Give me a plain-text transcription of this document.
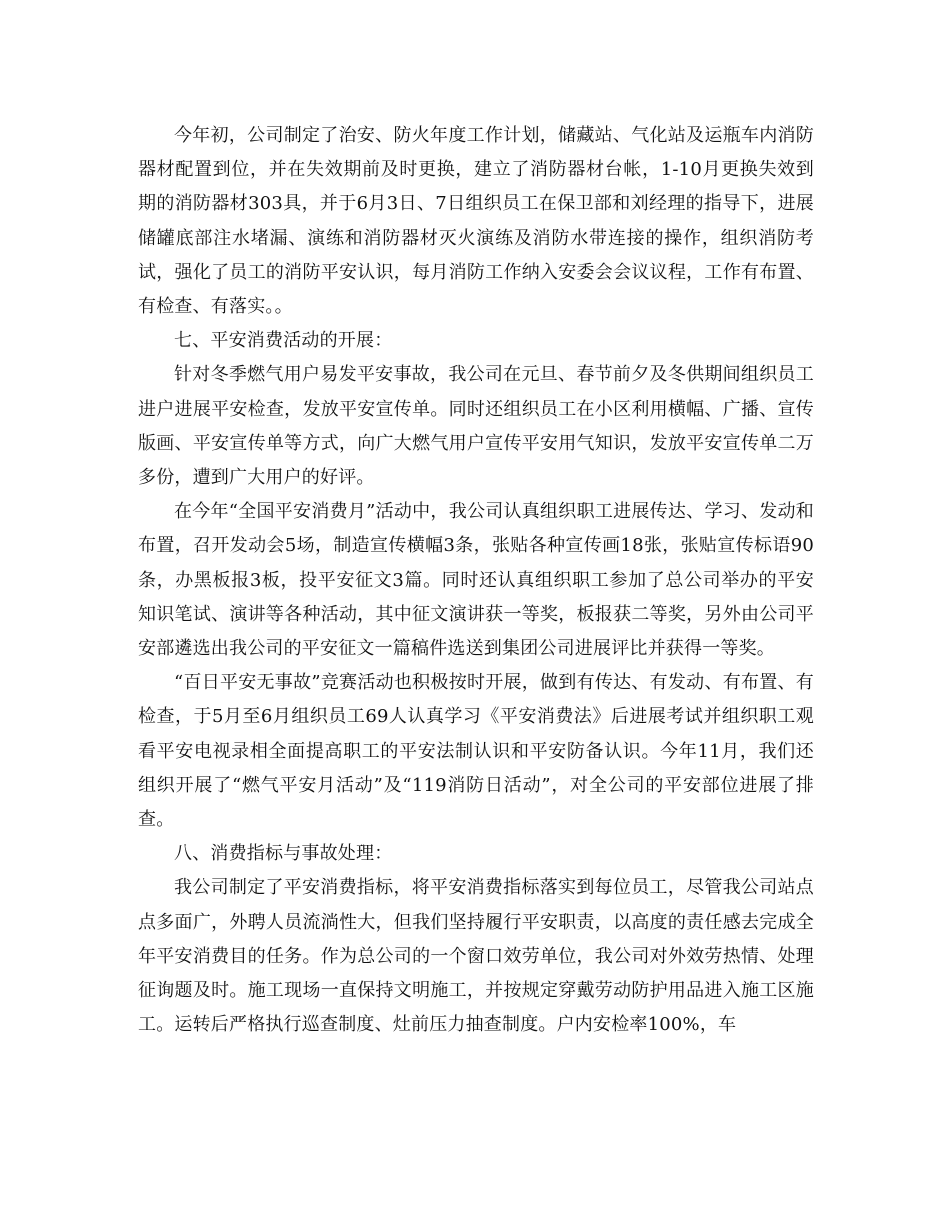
今年初，公司制定了治安、防火年度工作计划，储藏站、气化站及运瓶车内消防器材配置到位，并在失效期前及时更换，建立了消防器材台帐，1-10月更换失效到期的消防器材303具，并于6月3日、7日组织员工在保卫部和刘经理的指导下，进展储罐底部注水堵漏、演练和消防器材灭火演练及消防水带连接的操作，组织消防考试，强化了员工的消防平安认识，每月消防工作纳入安委会会议议程，工作有布置、有检查、有落实。。

七、平安消费活动的开展：

针对冬季燃气用户易发平安事故，我公司在元旦、春节前夕及冬供期间组织员工进户进展平安检查，发放平安宣传单。同时还组织员工在小区利用横幅、广播、宣传版画、平安宣传单等方式，向广大燃气用户宣传平安用气知识，发放平安宣传单二万多份，遭到广大用户的好评。

在今年“全国平安消费月”活动中，我公司认真组织职工进展传达、学习、发动和布置，召开发动会5场，制造宣传横幅3条，张贴各种宣传画18张，张贴宣传标语90条，办黑板报3板，投平安征文3篇。同时还认真组织职工参加了总公司举办的平安知识笔试、演讲等各种活动，其中征文演讲获一等奖，板报获二等奖，另外由公司平安部遴选出我公司的平安征文一篇稿件选送到集团公司进展评比并获得一等奖。

“百日平安无事故”竞赛活动也积极按时开展，做到有传达、有发动、有布置、有检查，于5月至6月组织员工69人认真学习《平安消费法》后进展考试并组织职工观看平安电视录相全面提高职工的平安法制认识和平安防备认识。今年11月，我们还组织开展了“燃气平安月活动”及“119消防日活动”，对全公司的平安部位进展了排查。

八、消费指标与事故处理：

我公司制定了平安消费指标，将平安消费指标落实到每位员工，尽管我公司站点点多面广，外聘人员流淌性大，但我们坚持履行平安职责，以高度的责任感去完成全年平安消费目的任务。作为总公司的一个窗口效劳单位，我公司对外效劳热情、处理征询题及时。施工现场一直保持文明施工，并按规定穿戴劳动防护用品进入施工区施工。运转后严格执行巡查制度、灶前压力抽查制度。户内安检率100%，车
